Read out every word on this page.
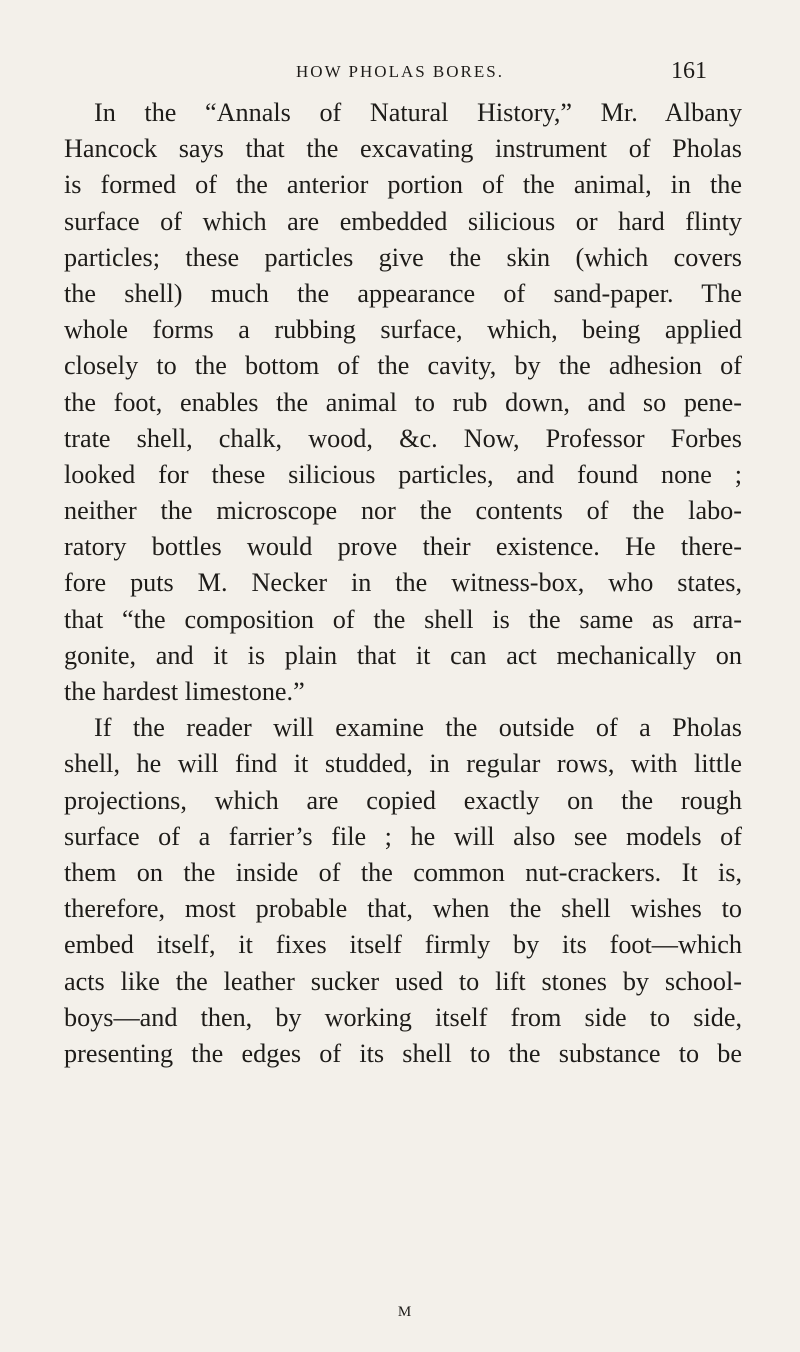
HOW PHOLAS BORES.	161
In the “Annals of Natural History,” Mr. Albany
Hancock says that the excavating instrument of Pholas
is formed of the anterior portion of the animal, in the
surface of which are embedded silicious or hard flinty
particles; these particles give the skin (which covers
the shell) much the appearance of sand-paper. The
whole forms a rubbing surface, which, being applied
closely to the bottom of the cavity, by the adhesion of
the foot, enables the animal to rub down, and so pene-
trate shell, chalk, wood, &c. Now, Professor Forbes
looked for these silicious particles, and found none ;
neither the microscope nor the contents of the labo-
ratory bottles would prove their existence. He there-
fore puts M. Necker in the witness-box, who states,
that “the composition of the shell is the same as arra-
gonite, and it is plain that it can act mechanically on
the hardest limestone.”
If the reader will examine the outside of a Pholas
shell, he will find it studded, in regular rows, with little
projections, which are copied exactly on the rough
surface of a farrier’s file ; he will also see models of
them on the inside of the common nut-crackers. It is,
therefore, most probable that, when the shell wishes to
embed itself, it fixes itself firmly by its foot—which
acts like the leather sucker used to lift stones by school-
boys—and then, by working itself from side to side,
presenting the edges of its shell to the substance to be
M
